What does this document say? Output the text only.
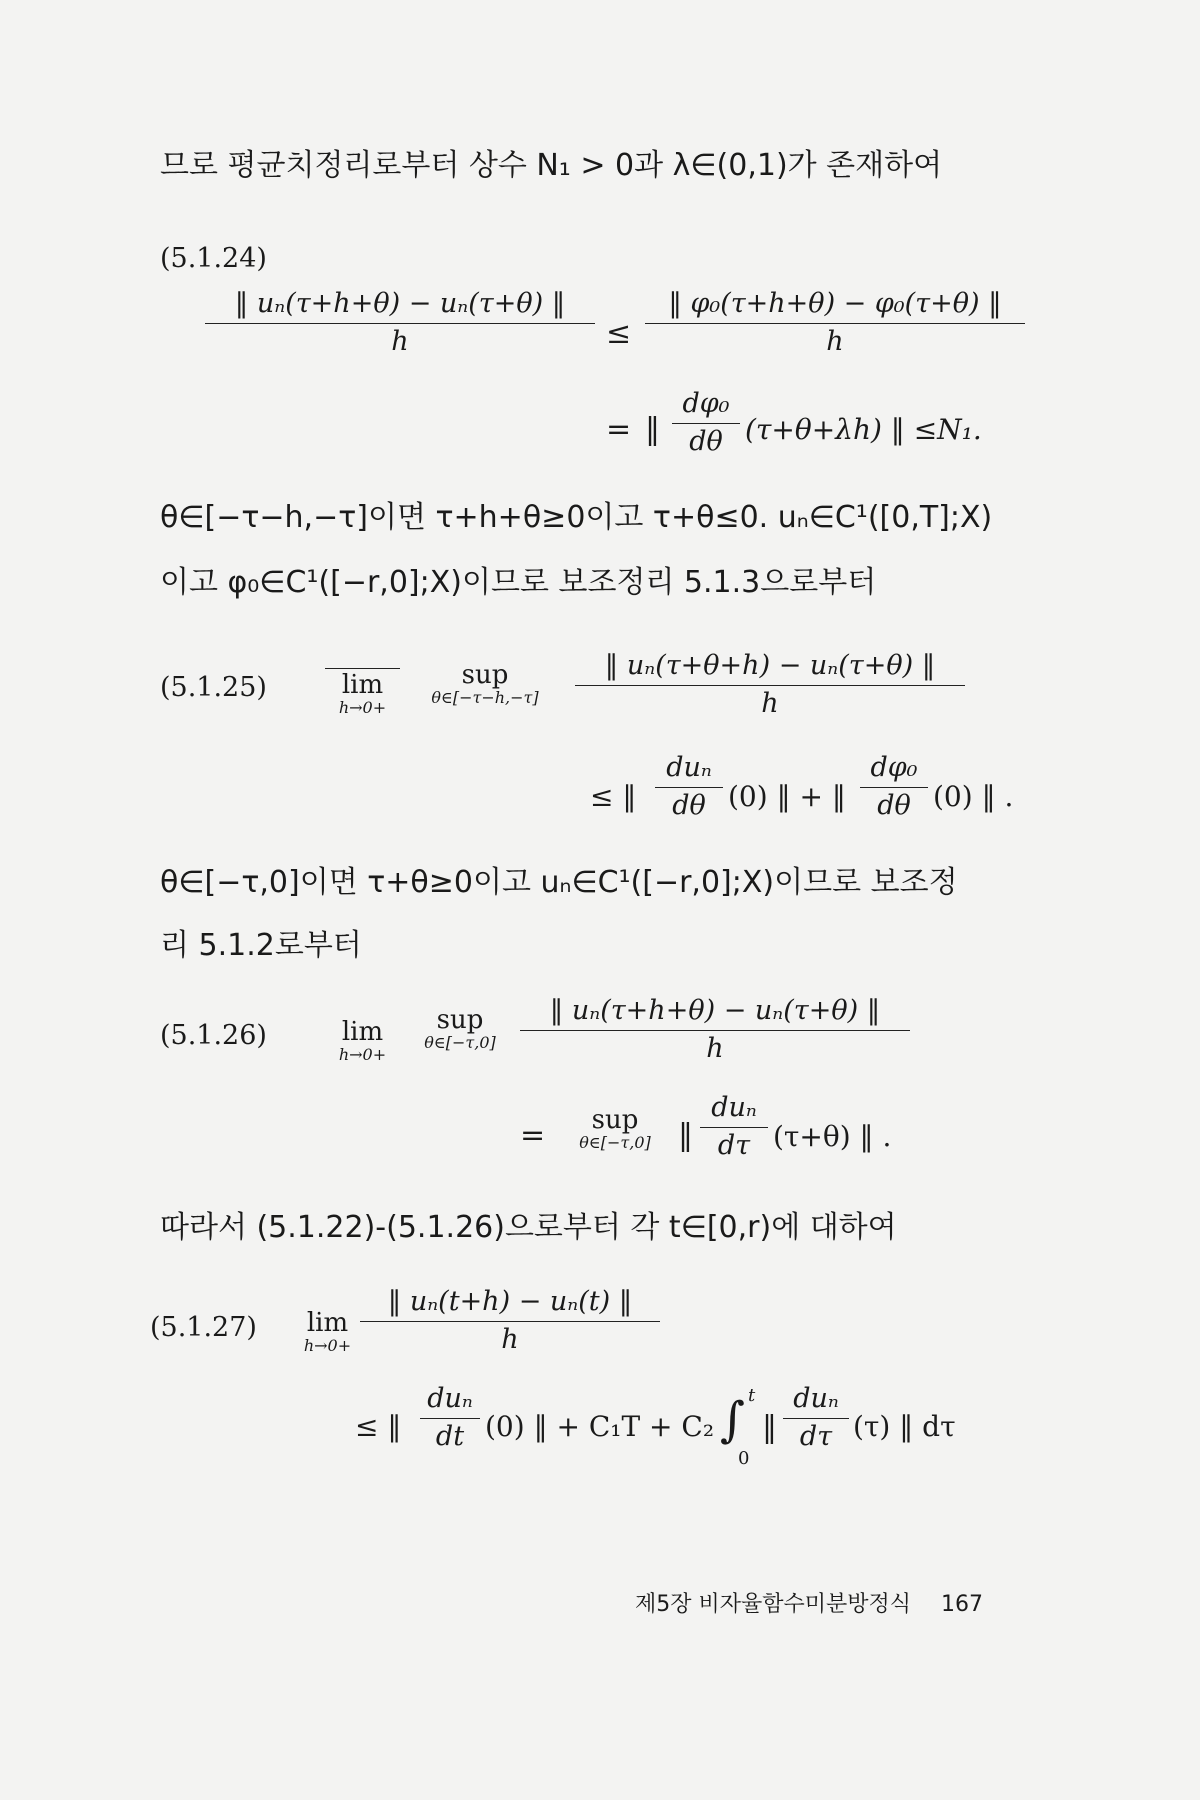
므로 평균치정리로부터 상수 N₁ > 0과 λ∈(0,1)가 존재하여
(5.1.24)
$\frac{\text{‖ uₙ(τ+h+θ) − uₙ(τ+θ) ‖}}{h} \le \frac{\text{‖ φ₀(τ+h+θ) − φ₀(τ+θ) ‖}}{h}$
= ‖ $\frac{\text{dφ₀}}{d\theta} (\tau+\theta+\lambda h)$ ‖ ≤N₁.
θ∈[−τ−h,−τ]이면 τ+h+θ≥0이고 τ+θ≤0. uₙ∈C¹([0,T];X)
이고 φ₀∈C¹([−r,0];X)이므로 보조정리 5.1.3으로부터
(5.1.25)	lim
h→0+
sup
θ∈[−τ−h,−τ]	$\frac{\text{‖ uₙ(τ+θ+h) − uₙ(τ+θ) ‖}}{h}$
≤ ‖
duₙ
dθ (0) ‖ + ‖ $\frac{\text{dφ₀}}{d\theta} (0)$ ‖ .
θ∈[−τ,0]이면 τ+θ≥0이고 uₙ∈C¹([−r,0];X)이므로 보조정
리 5.1.2로부터
(5.1.26)	lim
h→0+
sup
θ∈[−τ,0] $\frac{\text{‖ uₙ(τ+h+θ) − uₙ(τ+θ) ‖}}{h}$
=	sup
θ∈[−τ,0] ‖
duₙ
dτ (τ+θ) ‖ .
따라서 (5.1.22)-(5.1.26)으로부터 각 t∈[0,r)에 대하여
(5.1.27)	lim
$h\to 0+ \frac{\text{‖ uₙ(t+h) − uₙ(t) ‖}}{h}$
≤ ‖
duₙ
dt (0) ‖ + C₁T + C₂ ∫ t
0
‖
duₙ
dτ (τ) ‖ dτ
제5장 비자율함수미분방정식 167
